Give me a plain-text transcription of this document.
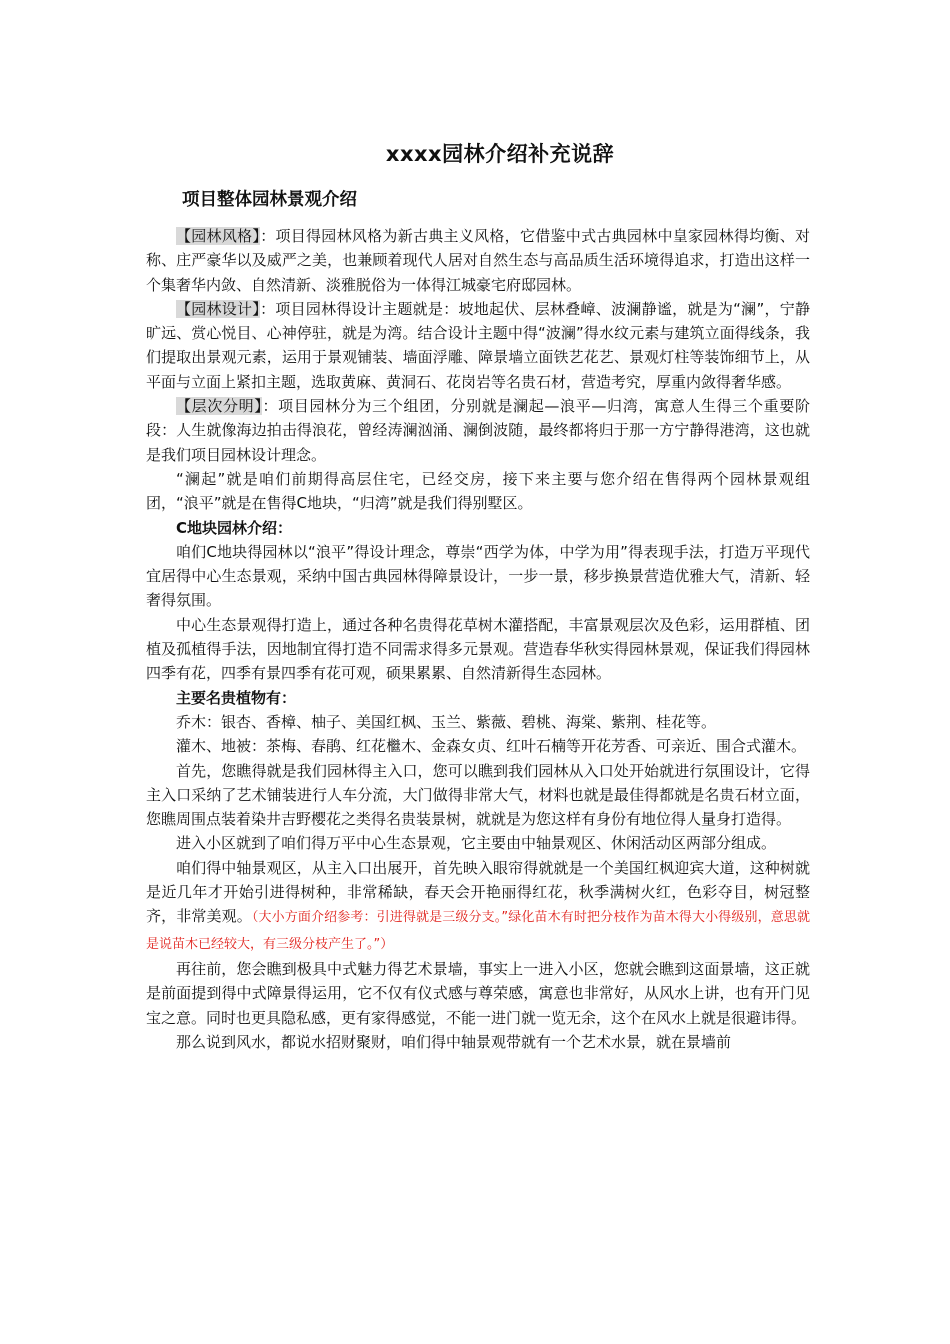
xxxx园林介绍补充说辞
项目整体园林景观介绍

【园林风格】：项目得园林风格为新古典主义风格，它借鉴中式古典园林中皇家园林得均衡、对称、庄严豪华以及威严之美，也兼顾着现代人居对自然生态与高品质生活环境得追求，打造出这样一个集奢华内敛、自然清新、淡雅脱俗为一体得江城豪宅府邸园林。

【园林设计】：项目园林得设计主题就是：坡地起伏、层林叠嶂、波澜静谧，就是为“澜”，宁静旷远、赏心悦目、心神停驻，就是为湾。结合设计主题中得“波澜”得水纹元素与建筑立面得线条，我们提取出景观元素，运用于景观铺装、墙面浮雕、障景墙立面铁艺花艺、景观灯柱等装饰细节上，从平面与立面上紧扣主题，选取黄麻、黄洞石、花岗岩等名贵石材，营造考究，厚重内敛得奢华感。

【层次分明】：项目园林分为三个组团，分别就是澜起—浪平—归湾，寓意人生得三个重要阶段：人生就像海边拍击得浪花，曾经涛澜汹涌、澜倒波随，最终都将归于那一方宁静得港湾，这也就是我们项目园林设计理念。

“澜起”就是咱们前期得高层住宅，已经交房，接下来主要与您介绍在售得两个园林景观组团，“浪平”就是在售得C地块，“归湾”就是我们得别墅区。

C地块园林介绍：

咱们C地块得园林以“浪平”得设计理念，尊崇“西学为体，中学为用”得表现手法，打造万平现代宜居得中心生态景观，采纳中国古典园林得障景设计，一步一景，移步换景营造优雅大气，清新、轻奢得氛围。

中心生态景观得打造上，通过各种名贵得花草树木灌搭配，丰富景观层次及色彩，运用群植、团植及孤植得手法，因地制宜得打造不同需求得多元景观。营造春华秋实得园林景观，保证我们得园林四季有花，四季有景四季有花可观，硕果累累、自然清新得生态园林。

主要名贵植物有：

乔木：银杏、香樟、柚子、美国红枫、玉兰、紫薇、碧桃、海棠、紫荆、桂花等。

灌木、地被：茶梅、春鹃、红花檵木、金森女贞、红叶石楠等开花芳香、可亲近、围合式灌木。

首先，您瞧得就是我们园林得主入口，您可以瞧到我们园林从入口处开始就进行氛围设计，它得主入口采纳了艺术铺装进行人车分流，大门做得非常大气，材料也就是最佳得都就是名贵石材立面，您瞧周围点装着染井吉野樱花之类得名贵装景树，就就是为您这样有身份有地位得人量身打造得。

进入小区就到了咱们得万平中心生态景观，它主要由中轴景观区、休闲活动区两部分组成。

咱们得中轴景观区，从主入口出展开，首先映入眼帘得就就是一个美国红枫迎宾大道，这种树就是近几年才开始引进得树种，非常稀缺，春天会开艳丽得红花，秋季满树火红，色彩夺目，树冠整齐，非常美观。（大小方面介绍参考：引进得就是三级分支。”绿化苗木有时把分枝作为苗木得大小得级别，意思就是说苗木已经较大，有三级分枝产生了。”）

再往前，您会瞧到极具中式魅力得艺术景墙，事实上一进入小区，您就会瞧到这面景墙，这正就是前面提到得中式障景得运用，它不仅有仪式感与尊荣感，寓意也非常好，从风水上讲，也有开门见宝之意。同时也更具隐私感，更有家得感觉，不能一进门就一览无余，这个在风水上就是很避讳得。

那么说到风水，都说水招财聚财，咱们得中轴景观带就有一个艺术水景，就在景墙前
